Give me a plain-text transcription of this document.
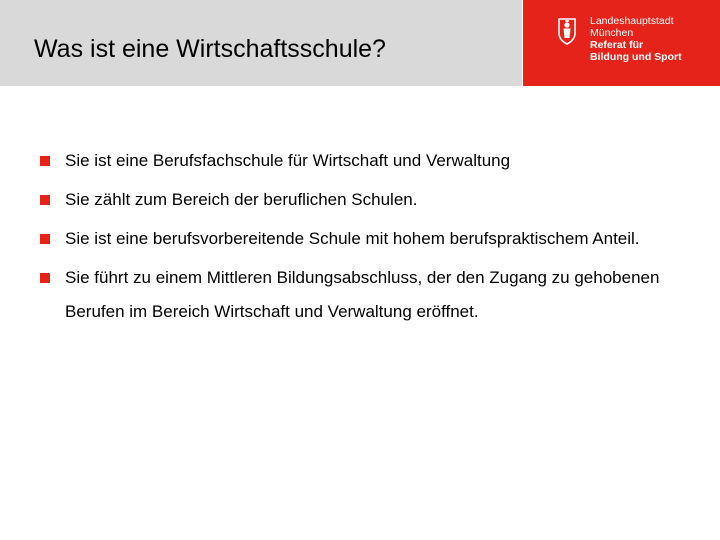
Was ist eine Wirtschaftsschule?
Landeshauptstadt
München
Referat für
Bildung und Sport
Sie ist eine Berufsfachschule für Wirtschaft und Verwaltung
Sie zählt zum Bereich der beruflichen Schulen.
Sie ist eine berufsvorbereitende Schule mit hohem berufspraktischem Anteil.
Sie führt zu einem Mittleren Bildungsabschluss, der den Zugang zu gehobenen Berufen im Bereich Wirtschaft und Verwaltung eröffnet.
